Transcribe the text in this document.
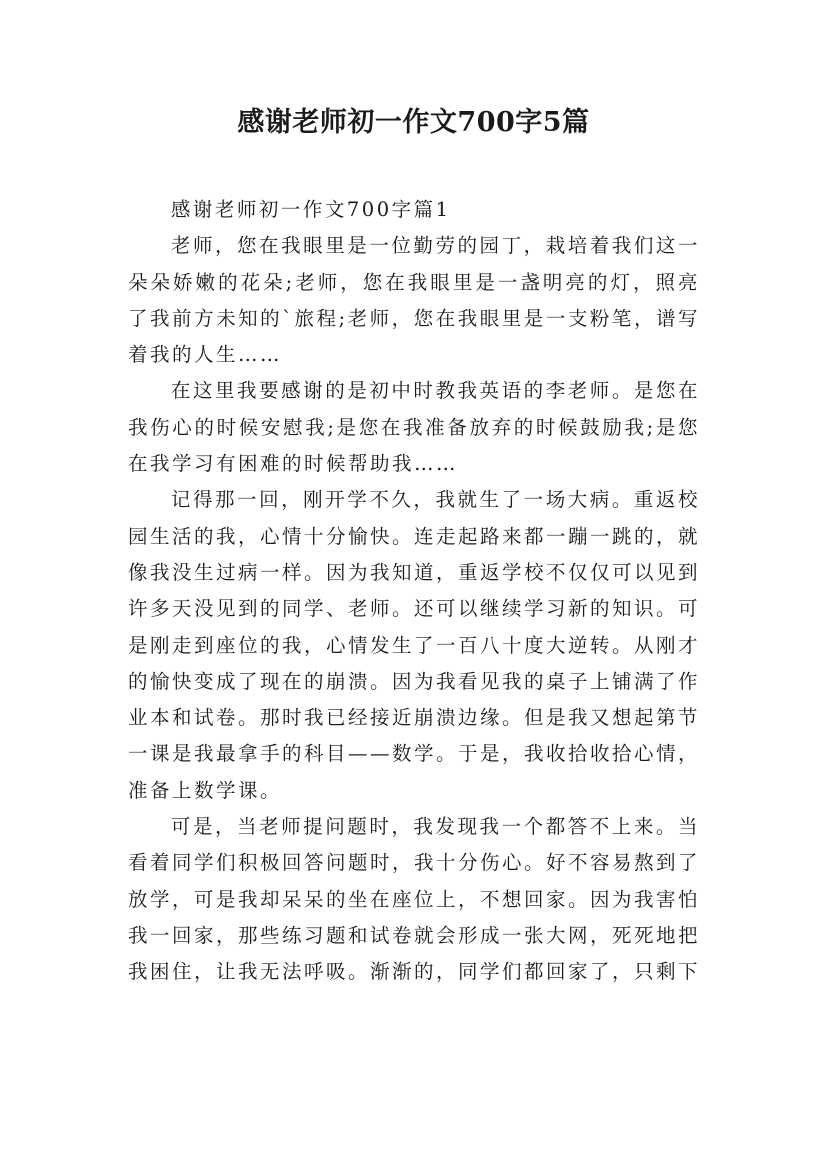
感谢老师初一作文700字5篇

感谢老师初一作文700字篇1

老师，您在我眼里是一位勤劳的园丁，栽培着我们这一朵朵娇嫩的花朵;老师，您在我眼里是一盏明亮的灯，照亮了我前方未知的`旅程;老师，您在我眼里是一支粉笔，谱写着我的人生……

在这里我要感谢的是初中时教我英语的李老师。是您在我伤心的时候安慰我;是您在我准备放弃的时候鼓励我;是您在我学习有困难的时候帮助我……

记得那一回，刚开学不久，我就生了一场大病。重返校园生活的我，心情十分愉快。连走起路来都一蹦一跳的，就像我没生过病一样。因为我知道，重返学校不仅仅可以见到许多天没见到的同学、老师。还可以继续学习新的知识。可是刚走到座位的我，心情发生了一百八十度大逆转。从刚才的愉快变成了现在的崩溃。因为我看见我的桌子上铺满了作业本和试卷。那时我已经接近崩溃边缘。但是我又想起第节一课是我最拿手的科目——数学。于是，我收拾收拾心情，准备上数学课。

可是，当老师提问题时，我发现我一个都答不上来。当看着同学们积极回答问题时，我十分伤心。好不容易熬到了放学，可是我却呆呆的坐在座位上，不想回家。因为我害怕我一回家，那些练习题和试卷就会形成一张大网，死死地把我困住，让我无法呼吸。渐渐的，同学们都回家了，只剩下
